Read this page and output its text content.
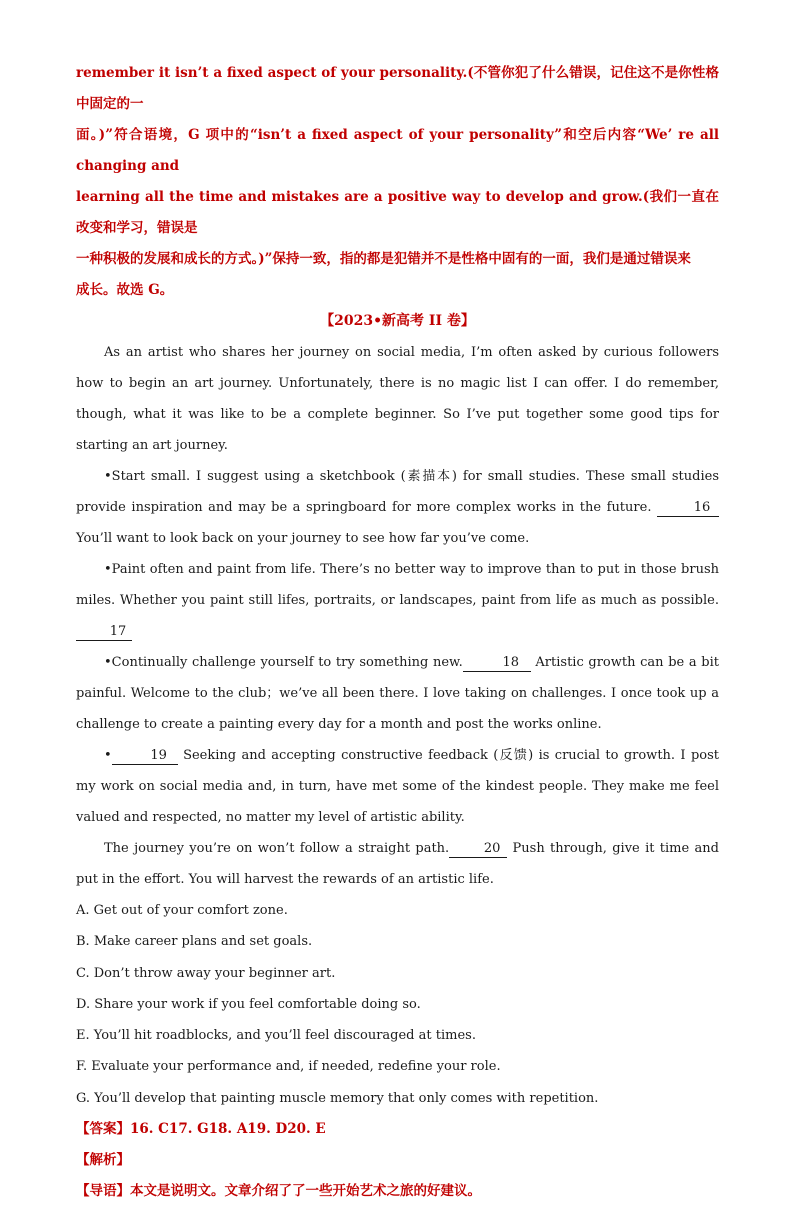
remember it isn’t a fixed aspect of your personality.(不管你犯了什么错误，记住这不是你性格中固定的一
面。)”符合语境，G 项中的“isn’t a fixed aspect of your personality”和空后内容“We’ re all changing and
learning all the time and mistakes are a positive way to develop and grow.(我们一直在改变和学习，错误是
一种积极的发展和成长的方式。)”保持一致，指的都是犯错并不是性格中固有的一面，我们是通过错误来
成长。故选 G。
【2023•新高考 II 卷】

As an artist who shares her journey on social media, I’m often asked by curious followers how to begin an art journey. Unfortunately, there is no magic list I can offer. I do remember, though, what it was like to be a complete beginner. So I’ve put together some good tips for starting an art journey.

•Start small. I suggest using a sketchbook (素描本) for small studies. These small studies provide inspiration and may be a springboard for more complex works in the future.	16You’ll want to look back on your journey to see how far you’ve come.

•Paint often and paint from life. There’s no better way to improve than to put in those brush miles. Whether you paint still lifes, portraits, or landscapes, paint from life as much as possible.17

•Continually challenge yourself to try something new.	18 Artistic growth can be a bit painful. Welcome to the club；we’ve all been there. I love taking on challenges. I once took up a challenge to create a painting every day for a month and post the works online.

•	19 Seeking and accepting constructive feedback (反馈) is crucial to growth. I post my work on social media and, in turn, have met some of the kindest people. They make me feel valued and respected, no matter my level of artistic ability.

The journey you’re on won’t follow a straight path.	20 Push through, give it time and put in the effort. You will harvest the rewards of an artistic life.

A. Get out of your comfort zone.

B. Make career plans and set goals.

C. Don’t throw away your beginner art.

D. Share your work if you feel comfortable doing so.

E. You’ll hit roadblocks, and you’ll feel discouraged at times.

F. Evaluate your performance and, if needed, redefine your role.

G. You’ll develop that painting muscle memory that only comes with repetition.

【答案】16. C17. G18. A19. D20. E

【解析】

【导语】本文是说明文。文章介绍了了一些开始艺术之旅的好建议。
